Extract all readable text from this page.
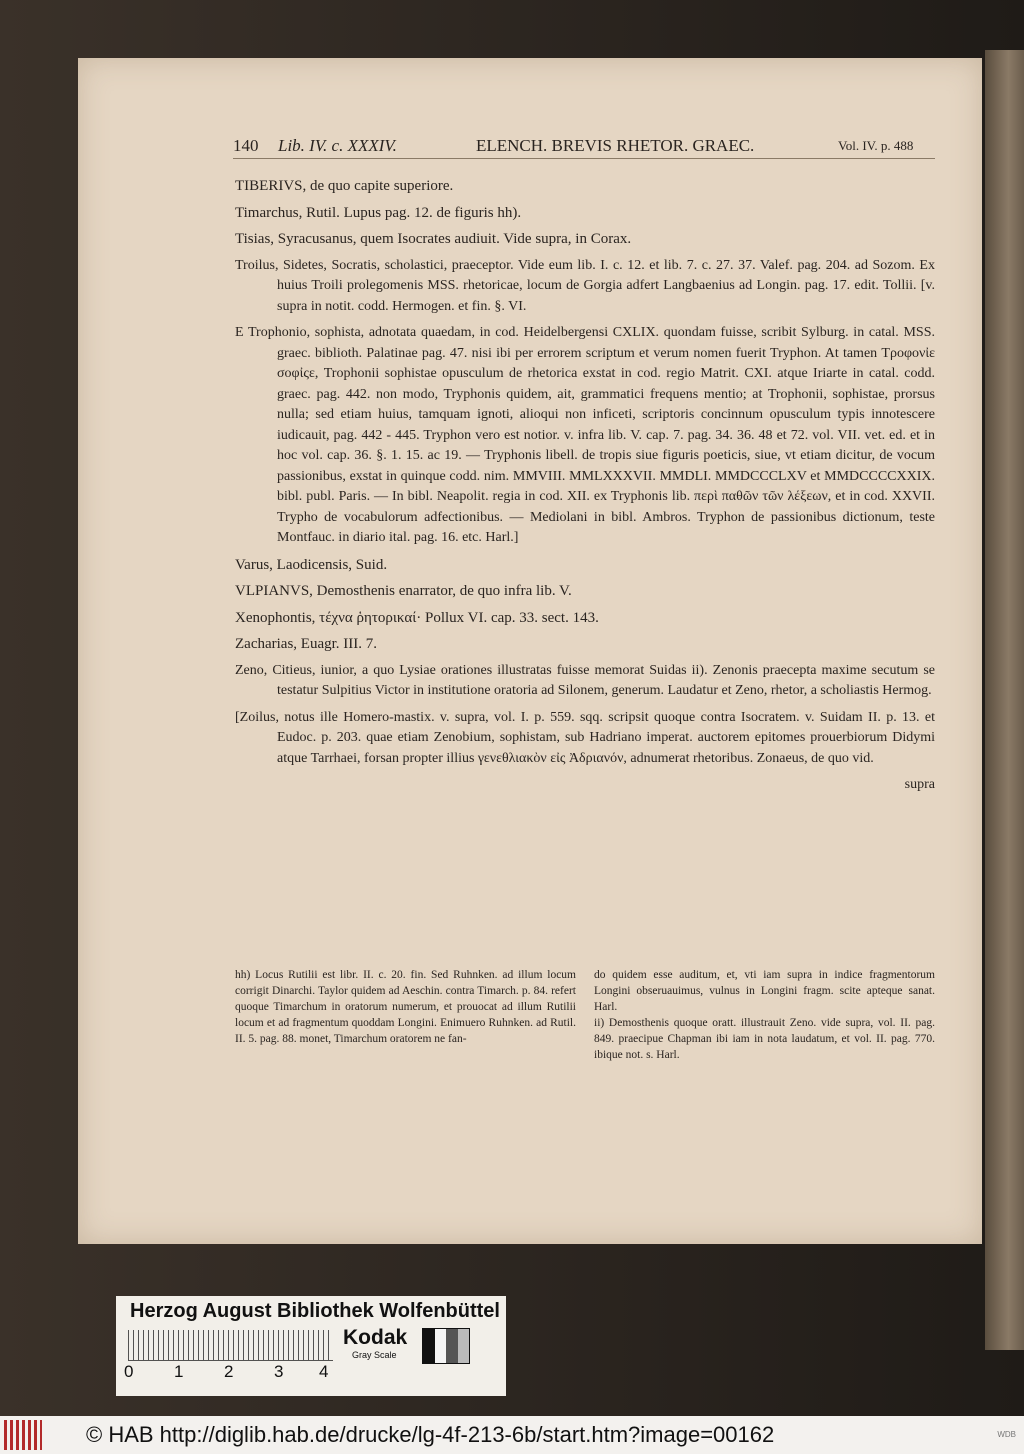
140 Lib. IV. c. XXXIV.	ELENCH. BREVIS RHETOR. GRAEC.	Vol. IV. p. 488

TIBERIVS, de quo capite superiore.

Timarchus, Rutil. Lupus pag. 12. de figuris hh).

Tisias, Syracusanus, quem Isocrates audiuit. Vide supra, in Corax.

Troilus, Sidetes, Socratis, scholastici, praeceptor. Vide eum lib. I. c. 12. et lib. 7. c. 27. 37. Valef. pag. 204. ad Sozom. Ex huius Troili prolegomenis MSS. rhetoricae, locum de Gorgia adfert Langbaenius ad Longin. pag. 17. edit. Tollii. [v. supra in notit. codd. Hermogen. et fin. §. VI.

E Trophonio, sophista, adnotata quaedam, in cod. Heidelbergensi CXLIX. quondam fuisse, scribit Sylburg. in catal. MSS. graec. biblioth. Palatinae pag. 47. nisi ibi per errorem scriptum et verum nomen fuerit Tryphon. At tamen Τροφονἰε σοφἰςε, Trophonii sophistae opusculum de rhetorica exstat in cod. regio Matrit. CXI. atque Iriarte in catal. codd. graec. pag. 442. non modo, Tryphonis quidem, ait, grammatici frequens mentio; at Trophonii, sophistae, prorsus nulla; sed etiam huius, tamquam ignoti, alioqui non inficeti, scriptoris concinnum opusculum typis innotescere iudicauit, pag. 442 - 445. Tryphon vero est notior. v. infra lib. V. cap. 7. pag. 34. 36. 48 et 72. vol. VII. vet. ed. et in hoc vol. cap. 36. §. 1. 15. ac 19. — Tryphonis libell. de tropis siue figuris poeticis, siue, vt etiam dicitur, de vocum passionibus, exstat in quinque codd. nim. MMVIII. MMLXXXVII. MMDLI. MMDCCCLXV et MMDCCCCXXIX. bibl. publ. Paris. — In bibl. Neapolit. regia in cod. XII. ex Tryphonis lib. περὶ παθῶν τῶν λέξεων, et in cod. XXVII. Trypho de vocabulorum adfectionibus. — Mediolani in bibl. Ambros. Tryphon de passionibus dictionum, teste Montfauc. in diario ital. pag. 16. etc. Harl.]

Varus, Laodicensis, Suid.

VLPIANVS, Demosthenis enarrator, de quo infra lib. V.

Xenophontis, τέχνα ῥητορικαί· Pollux VI. cap. 33. sect. 143.

Zacharias, Euagr. III. 7.

Zeno, Citieus, iunior, a quo Lysiae orationes illustratas fuisse memorat Suidas ii). Zenonis praecepta maxime secutum se testatur Sulpitius Victor in institutione oratoria ad Silonem, generum. Laudatur et Zeno, rhetor, a scholiastis Hermog.

[Zoilus, notus ille Homero-mastix. v. supra, vol. I. p. 559. sqq. scripsit quoque contra Isocratem. v. Suidam II. p. 13. et Eudoc. p. 203. quae etiam Zenobium, sophistam, sub Hadriano imperat. auctorem epitomes prouerbiorum Didymi atque Tarrhaei, forsan propter illius γενεθλιακὸν εἰς Ἀδριανόν, adnumerat rhetoribus. Zonaeus, de quo vid.

supra

hh) Locus Rutilii est libr. II. c. 20. fin. Sed Ruhnken. ad illum locum corrigit Dinarchi. Taylor quidem ad Aeschin. contra Timarch. p. 84. refert quoque Timarchum in oratorum numerum, et prouocat ad illum Rutilii locum et ad fragmentum quoddam Longini. Enimuero Ruhnken. ad Rutil. II. 5. pag. 88. monet, Timarchum oratorem ne fan-
do quidem esse auditum, et, vti iam supra in indice fragmentorum Longini obseruauimus, vulnus in Longini fragm. scite apteque sanat. Harl.
ii) Demosthenis quoque oratt. illustrauit Zeno. vide supra, vol. II. pag. 849. praecipue Chapman ibi iam in nota laudatum, et vol. II. pag. 770. ibique not. s. Harl.
Herzog August Bibliothek Wolfenbüttel
0 1 2 3 4
Kodak
Gray Scale
© HAB http://diglib.hab.de/drucke/lg-4f-213-6b/start.htm?image=00162	WDB
